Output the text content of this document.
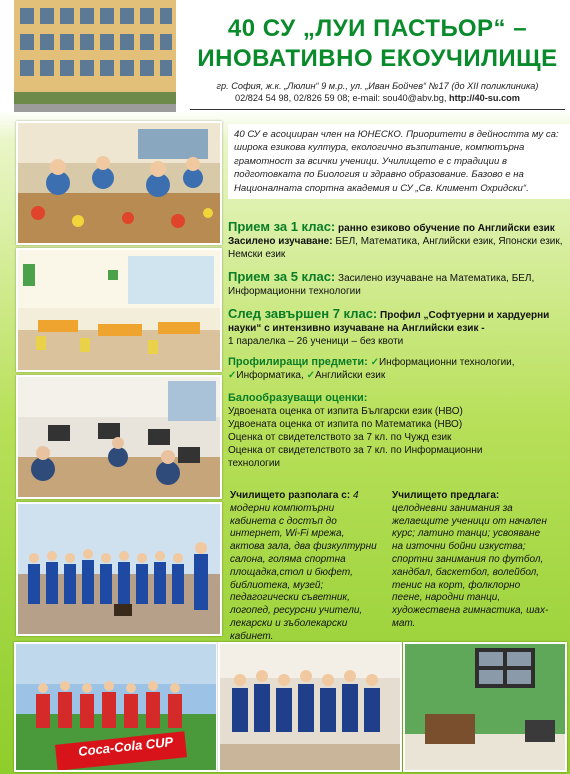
40 СУ „ЛУИ ПАСТЬОР“ –
ИНОВАТИВНО ЕКОУЧИЛИЩЕ
гр. София, ж.к. „Люлин“ 9 м.р., ул. „Иван Бойчев“ №17 (до XII поликлиника)
02/824 54 98, 02/826 59 08; e-mail: sou40@abv.bg, http://40-su.com
40 СУ е асоцииран член на ЮНЕСКО. Приоритети в дейността му са: широка езикова култура, екологично възпитание, компютърна грамотност за всички ученици. Училището е с традиции в подготовката по Биология и здравно образование. Базово е на Националната спортна академия и СУ „Св. Климент Охридски“.
Прием за 1 клас: ранно езиково обучение по Английски език
Засилено изучаване: БЕЛ, Математика, Английски език, Японски език, Немски език
Прием за 5 клас: Засилено изучаване на Математика, БЕЛ, Информационни технологии
След завършен 7 клас: Профил „Софтуерни и хардуерни науки“ с интензивно изучаване на Английски език -
1 паралелка – 26 ученици – без квоти
Профилиращи предмети: ✓Информационни технологии,
✓Информатика, ✓Английски език
Балообразуващи оценки:
Удвоената оценка от изпита Български език (НВО)
Удвоената оценка от изпита по Математика (НВО)
Оценка от свидетелството за 7 кл. по Чужд език
Оценка от свидетелството за 7 кл. по Информационни технологии
Училището разполага с: 4 модерни компютърни кабинета с достъп до интернет, Wi-Fi мрежа, актова зала, два физкултурни салона, голяма спортна площадка,стол и бюфет, библиотека, музей; педагогически съветник, логопед, ресурсни учители, лекарски и зъболекарски кабинет.
Училището предлага: целодневни занимания за желаещите ученици от начален курс; латино танци; усвояване на източни бойни изкуства; спортни занимания по футбол, хандбал, баскетбол, волейбол, тенис на корт, фолклорно пеене, народни танци, художествена гимнастика, шах-мат.
Coca-Cola CUP
